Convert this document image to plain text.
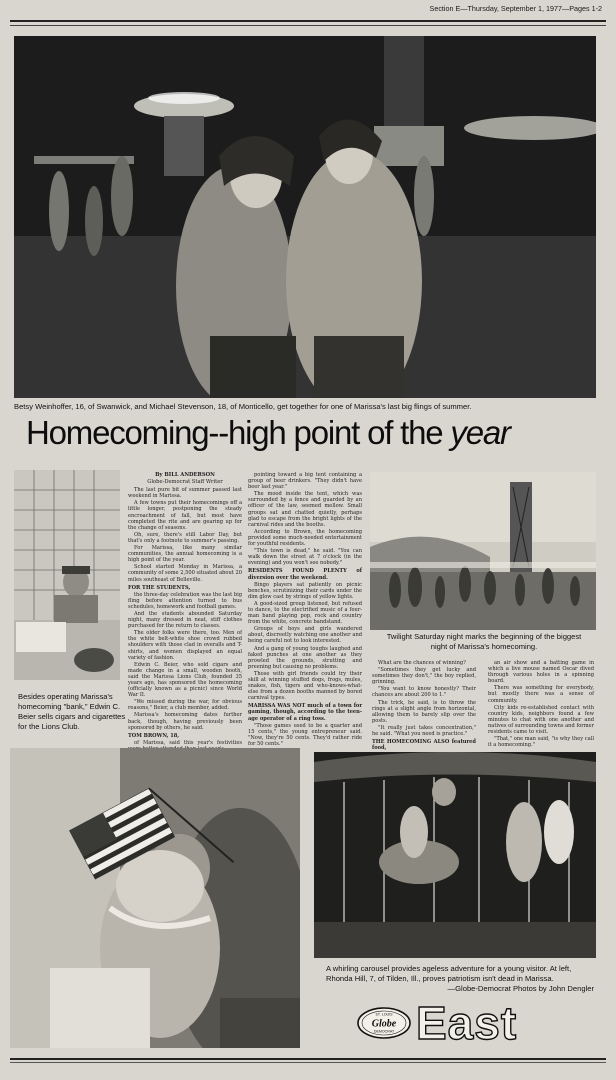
Section E—Thursday, September 1, 1977—Pages 1-2
Betsy Weinhoffer, 16, of Swanwick, and Michael Stevenson, 18, of Monticello, get together for one of Marissa's last big flings of summer.
Homecoming--high point of the year
Besides operating Marissa's homecoming "bank," Edwin C. Beier sells cigars and cigarettes for the Lions Club.

By BILL ANDERSON

Globe-Democrat Staff Writer

The last pure bit of summer passed last weekend in Marissa.

A few towns put their homecomings off a little longer, postponing the steady encroachment of fall, but most have completed the rite and are gearing up for the change of seasons.

Oh, sure, there's still Labor Day, but that's only a footnote to summer's passing.

For Marissa, like many similar communities, the annual homecoming is a high point of the year.

School started Monday in Marissa, a community of some 2,500 situated about 20 miles southeast of Belleville.

FOR THE STUDENTS,

the three-day celebration was the last big fling before attention turned to bus schedules, homework and football games.

And the students abounded Saturday night, many dressed in neat, stiff clothes purchased for the return to classes.

The older folks were there, too. Men of the white belt-white shoe crowd rubbed shoulders with those clad in overalls and T-shirts, and women displayed an equal variety of fashion.

Edwin C. Beier, who sold cigars and made change in a small, wooden booth, said the Marissa Lions Club, founded 35 years ago, has sponsored the homecoming (officially known as a picnic) since World War II.

"We missed during the war, for obvious reasons," Beier, a club member, added.

Marissa's homecoming dates further back, though, having previously been sponsored by others, he said.

TOM BROWN, 18,

of Marissa, said this year's festivities

pointing toward a big tent containing a group of beer drinkers. "They didn't have beer last year."

The mood inside the tent, which was surrounded by a fence and guarded by an officer of the law, seemed mellow. Small groups sat and chatted quietly, perhaps glad to escape from the bright lights of the carnival rides and the booths.

According to Brown, the homecoming provided some much-needed entertainment for youthful residents.

"This town is dead," he said. "You can walk down the street at 7 o'clock (in the evening) and you won't see nobody."

RESIDENTS FOUND PLENTY of diversion over the weekend.

Bingo players sat patiently on picnic benches, scrutinizing their cards under the dim glow cast by strings of yellow lights.

A good-sized group listened, but refused to dance, to the electrified music of a four-man band playing pop, rock and country from the white, concrete bandstand.

Groups of boys and girls wandered about, discreetly watching one another and being careful not to look interested.

And a gang of young toughs laughed and faked punches at one another as they prowled the grounds, strutting and preening but causing no problems.

Those with girl friends could try their skill at winning stuffed dogs, frogs, mules, snakes, fish, tigers and who-knows-what-else from a dozen booths manned by bored carnival types.

MARISSA WAS NOT much of a town for gaming, though, according to the teen-age operator of a ring toss.

"Those games used to be a quarter and 15 cents," the young entrepreneur said. "Now, they're 50 cents. They'd rather ride for 50 cents."

Twilight Saturday night marks the beginning of the biggest night of Marissa's homecoming.

What are the chances of winning?

"Sometimes they get lucky and sometimes they don't," the boy replied, grinning.

"You want to know honestly? Their chances are about 200 to 1."

The trick, he said, is to throw the rings at a slight angle from horizontal, allowing them to barely slip over the posts.

"It really just takes concentration," he said. "What you need is practice."

THE HOMECOMING ALSO featured food,

an air show and a batting game in which a live mouse named Oscar dived through various holes in a spinning board.

There was something for everybody, but mostly there was a sense of community.

City kids re-established contact with country kids, neighbors found a few minutes to chat with one another and natives of surrounding towns and former residents came to visit.

"That," one man said, "is why they call it a homecoming."

A whirling carousel provides ageless adventure for a young visitor. At left, Rhonda Hill, 7, of Tilden, Ill., proves patriotism isn't dead in Marissa.
—Globe-Democrat Photos by John Dengler
ST. LOUIS
Globe
DEMOCRAT East
